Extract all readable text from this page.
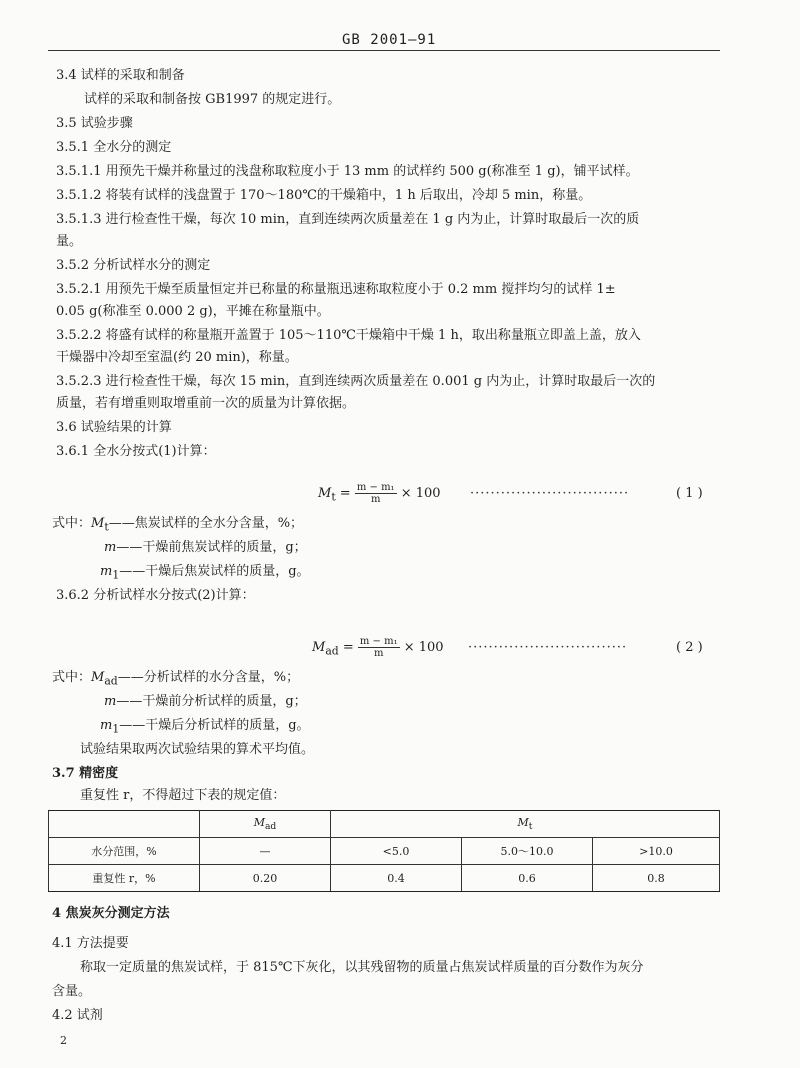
GB 2001—91
3.4 试样的采取和制备
试样的采取和制备按 GB1997 的规定进行。
3.5 试验步骤
3.5.1 全水分的测定
3.5.1.1 用预先干燥并称量过的浅盘称取粒度小于 13 mm 的试样约 500 g(称准至 1 g)，铺平试样。
3.5.1.2 将装有试样的浅盘置于 170～180℃的干燥箱中，1 h 后取出，冷却 5 min，称量。
3.5.1.3 进行检查性干燥，每次 10 min，直到连续两次质量差在 1 g 内为止，计算时取最后一次的质
量。
3.5.2 分析试样水分的测定
3.5.2.1 用预先干燥至质量恒定并已称量的称量瓶迅速称取粒度小于 0.2 mm 搅拌均匀的试样 1±
0.05 g(称准至 0.000 2 g)，平摊在称量瓶中。
3.5.2.2 将盛有试样的称量瓶开盖置于 105～110℃干燥箱中干燥 1 h，取出称量瓶立即盖上盖，放入
干燥器中冷却至室温(约 20 min)，称量。
3.5.2.3 进行检查性干燥，每次 15 min，直到连续两次质量差在 0.001 g 内为止，计算时取最后一次的
质量，若有增重则取增重前一次的质量为计算依据。
3.6 试验结果的计算
3.6.1 全水分按式(1)计算：
$M_t = \frac{\text{m − m₁}}{m} \times 100$ ·······························	( 1 )
式中：$M_t——$焦炭试样的全水分含量，%；
m——干燥前焦炭试样的质量，g；
$m_1——$干燥后焦炭试样的质量，g。
3.6.2 分析试样水分按式(2)计算：
$M_{ad} = \frac{\text{m − m₁}}{m} \times 100$ ·······························	( 2 )
式中：$M_{ad}——$分析试样的水分含量，%；
m——干燥前分析试样的质量，g；
$m_1——$干燥后分析试样的质量，g。
试验结果取两次试验结果的算术平均值。
3.7 精密度
重复性 r，不得超过下表的规定值：
	$M_{ad}$	$M_t$
水分范围，%	—	<5.0	5.0～10.0	>10.0
重复性 r，%	0.20	0.4	0.6	0.8
4 焦炭灰分测定方法
4.1 方法提要
称取一定质量的焦炭试样，于 815℃下灰化，以其残留物的质量占焦炭试样质量的百分数作为灰分
含量。
4.2 试剂
2
